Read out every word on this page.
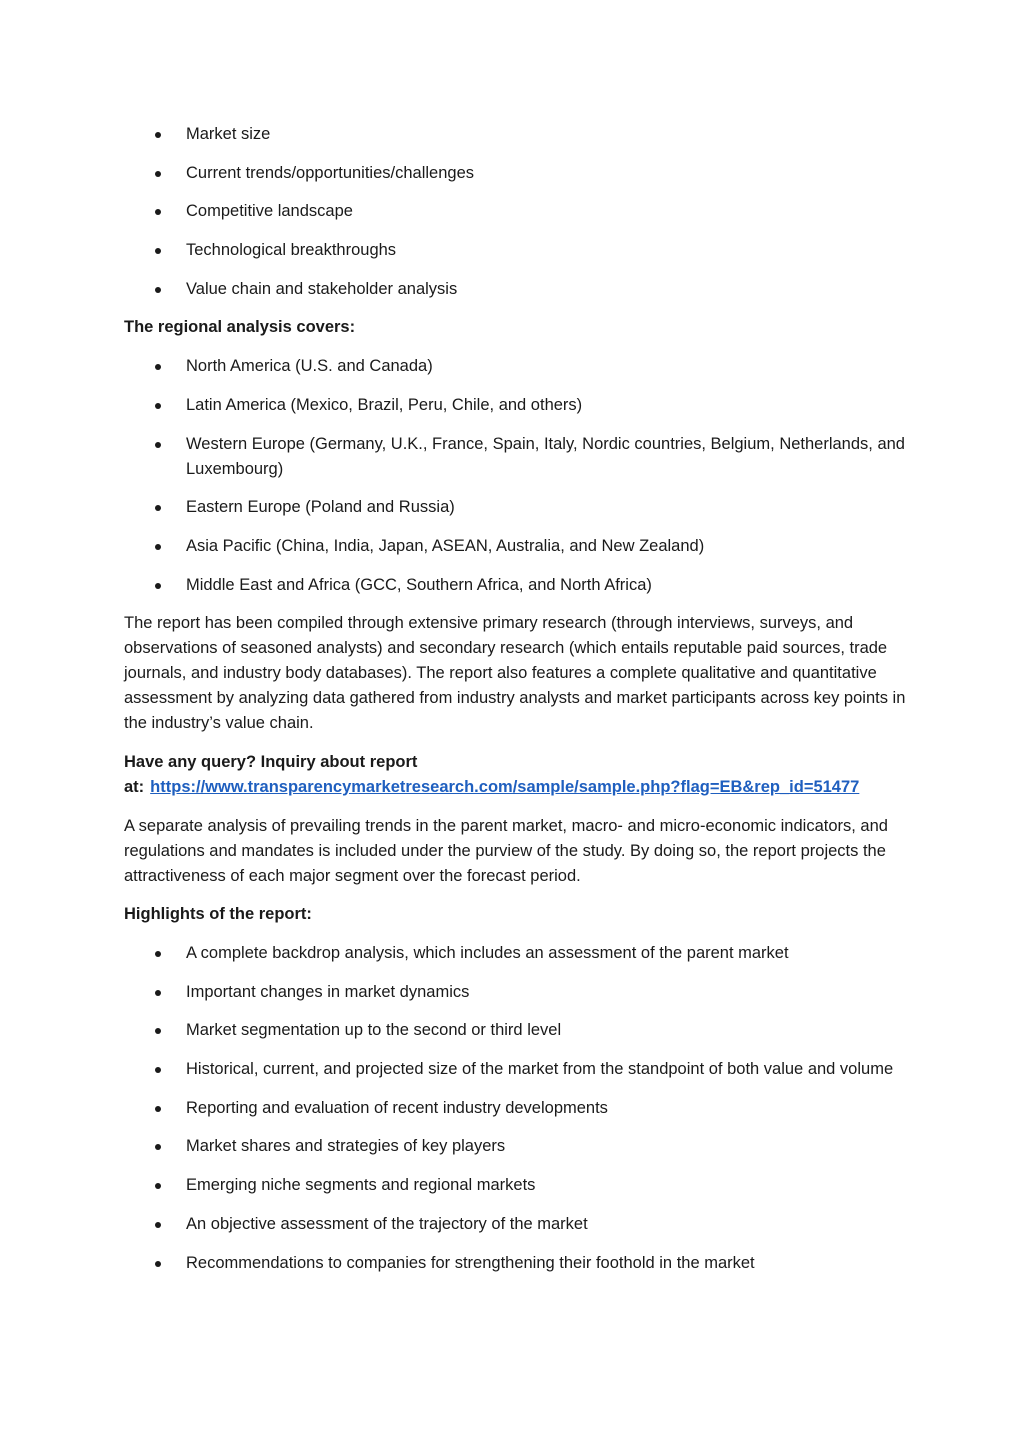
Market size
Current trends/opportunities/challenges
Competitive landscape
Technological breakthroughs
Value chain and stakeholder analysis
The regional analysis covers:
North America (U.S. and Canada)
Latin America (Mexico, Brazil, Peru, Chile, and others)
Western Europe (Germany, U.K., France, Spain, Italy, Nordic countries, Belgium, Netherlands, and Luxembourg)
Eastern Europe (Poland and Russia)
Asia Pacific (China, India, Japan, ASEAN, Australia, and New Zealand)
Middle East and Africa (GCC, Southern Africa, and North Africa)

The report has been compiled through extensive primary research (through interviews, surveys, and observations of seasoned analysts) and secondary research (which entails reputable paid sources, trade journals, and industry body databases). The report also features a complete qualitative and quantitative assessment by analyzing data gathered from industry analysts and market participants across key points in the industry’s value chain.

Have any query? Inquiry about report
at: https://www.transparencymarketresearch.com/sample/sample.php?flag=EB&rep_id=51477

A separate analysis of prevailing trends in the parent market, macro- and micro-economic indicators, and regulations and mandates is included under the purview of the study. By doing so, the report projects the attractiveness of each major segment over the forecast period.

Highlights of the report:
A complete backdrop analysis, which includes an assessment of the parent market
Important changes in market dynamics
Market segmentation up to the second or third level
Historical, current, and projected size of the market from the standpoint of both value and volume
Reporting and evaluation of recent industry developments
Market shares and strategies of key players
Emerging niche segments and regional markets
An objective assessment of the trajectory of the market
Recommendations to companies for strengthening their foothold in the market
